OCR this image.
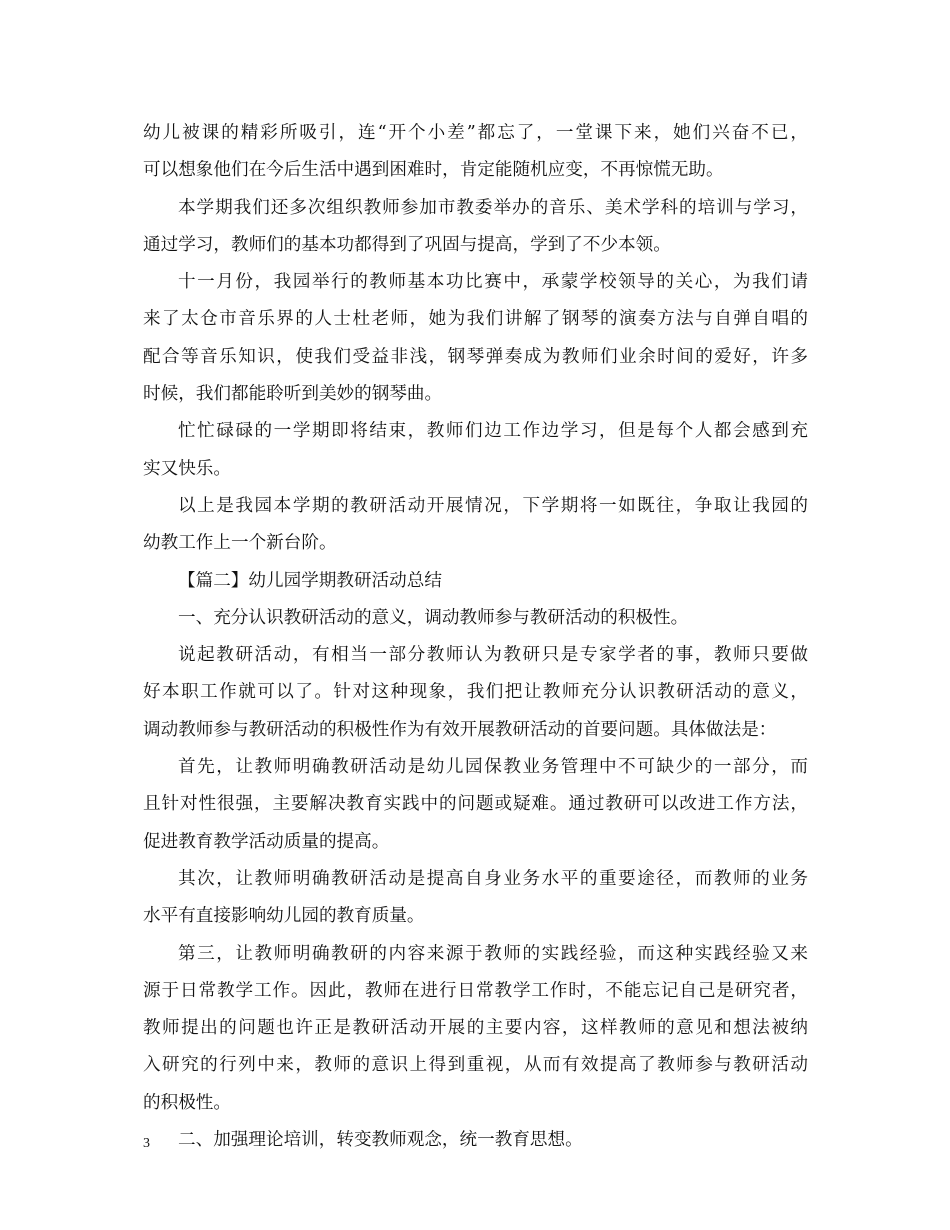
幼儿被课的精彩所吸引，连“开个小差”都忘了，一堂课下来，她们兴奋不已，
可以想象他们在今后生活中遇到困难时，肯定能随机应变，不再惊慌无助。
本学期我们还多次组织教师参加市教委举办的音乐、美术学科的培训与学习，
通过学习，教师们的基本功都得到了巩固与提高，学到了不少本领。
十一月份，我园举行的教师基本功比赛中，承蒙学校领导的关心，为我们请
来了太仓市音乐界的人士杜老师，她为我们讲解了钢琴的演奏方法与自弹自唱的
配合等音乐知识，使我们受益非浅，钢琴弹奏成为教师们业余时间的爱好，许多
时候，我们都能聆听到美妙的钢琴曲。
忙忙碌碌的一学期即将结束，教师们边工作边学习，但是每个人都会感到充
实又快乐。
以上是我园本学期的教研活动开展情况，下学期将一如既往，争取让我园的
幼教工作上一个新台阶。
【篇二】幼儿园学期教研活动总结
一、充分认识教研活动的意义，调动教师参与教研活动的积极性。
说起教研活动，有相当一部分教师认为教研只是专家学者的事，教师只要做
好本职工作就可以了。针对这种现象，我们把让教师充分认识教研活动的意义，
调动教师参与教研活动的积极性作为有效开展教研活动的首要问题。具体做法是：
首先，让教师明确教研活动是幼儿园保教业务管理中不可缺少的一部分，而
且针对性很强，主要解决教育实践中的问题或疑难。通过教研可以改进工作方法，
促进教育教学活动质量的提高。
其次，让教师明确教研活动是提高自身业务水平的重要途径，而教师的业务
水平有直接影响幼儿园的教育质量。
第三，让教师明确教研的内容来源于教师的实践经验，而这种实践经验又来
源于日常教学工作。因此，教师在进行日常教学工作时，不能忘记自己是研究者，
教师提出的问题也许正是教研活动开展的主要内容，这样教师的意见和想法被纳
入研究的行列中来，教师的意识上得到重视，从而有效提高了教师参与教研活动
的积极性。
二、加强理论培训，转变教师观念，统一教育思想。
3
